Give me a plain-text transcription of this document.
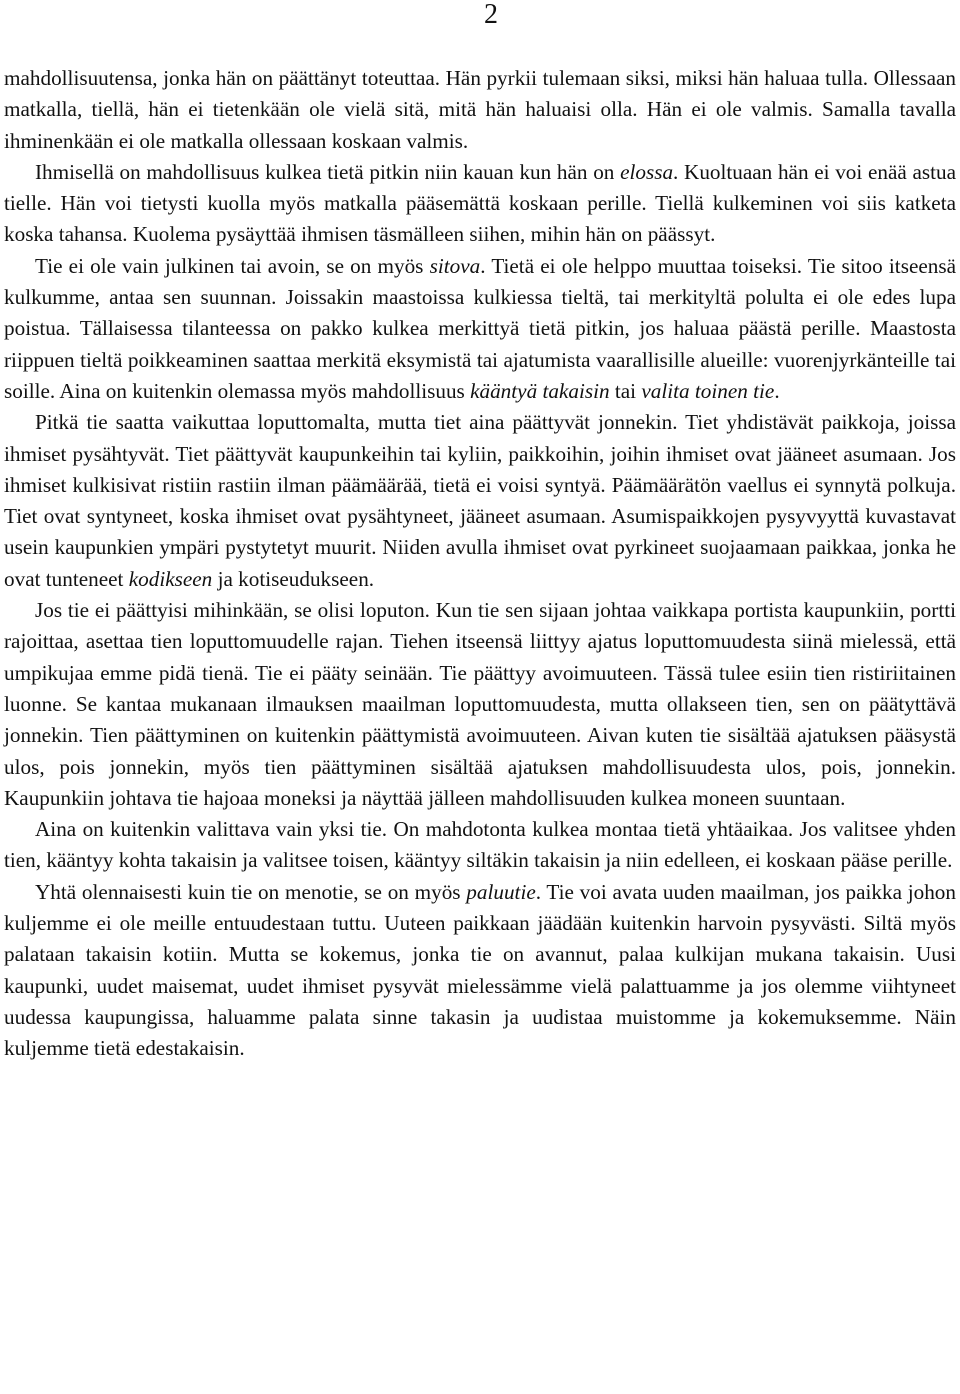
2

mahdollisuutensa, jonka hän on päättänyt toteuttaa. Hän pyrkii tulemaan siksi, miksi hän haluaa tulla. Ollessaan matkalla, tiellä, hän ei tietenkään ole vielä sitä, mitä hän haluaisi olla. Hän ei ole valmis. Samalla tavalla ihminenkään ei ole matkalla ollessaan koskaan valmis.

Ihmisellä on mahdollisuus kulkea tietä pitkin niin kauan kun hän on elossa. Kuoltuaan hän ei voi enää astua tielle. Hän voi tietysti kuolla myös matkalla pääsemättä koskaan perille. Tiellä kulkeminen voi siis katketa koska tahansa. Kuolema pysäyttää ihmisen täsmälleen siihen, mihin hän on päässyt.

Tie ei ole vain julkinen tai avoin, se on myös sitova. Tietä ei ole helppo muuttaa toiseksi. Tie sitoo itseensä kulkumme, antaa sen suunnan. Joissakin maastoissa kulkiessa tieltä, tai merkityltä polulta ei ole edes lupa poistua. Tällaisessa tilanteessa on pakko kulkea merkittyä tietä pitkin, jos haluaa päästä perille. Maastosta riippuen tieltä poikkeaminen saattaa merkitä eksymistä tai ajatumista vaarallisille alueille: vuorenjyrkänteille tai soille. Aina on kuitenkin olemassa myös mahdollisuus kääntyä takaisin tai valita toinen tie.

Pitkä tie saatta vaikuttaa loputtomalta, mutta tiet aina päättyvät jonnekin. Tiet yhdistävät paikkoja, joissa ihmiset pysähtyvät. Tiet päättyvät kaupunkeihin tai kyliin, paikkoihin, joihin ihmiset ovat jääneet asumaan. Jos ihmiset kulkisivat ristiin rastiin ilman päämäärää, tietä ei voisi syntyä. Päämäärätön vaellus ei synnytä polkuja. Tiet ovat syntyneet, koska ihmiset ovat pysähtyneet, jääneet asumaan. Asumispaikkojen pysyvyyttä kuvastavat usein kaupunkien ympäri pystytetyt muurit. Niiden avulla ihmiset ovat pyrkineet suojaamaan paikkaa, jonka he ovat tunteneet kodikseen ja kotiseudukseen.

Jos tie ei päättyisi mihinkään, se olisi loputon. Kun tie sen sijaan johtaa vaikkapa portista kaupunkiin, portti rajoittaa, asettaa tien loputtomuudelle rajan. Tiehen itseensä liittyy ajatus loputtomuudesta siinä mielessä, että umpikujaa emme pidä tienä. Tie ei pääty seinään. Tie päättyy avoimuuteen. Tässä tulee esiin tien ristiriitainen luonne. Se kantaa mukanaan ilmauksen maailman loputtomuudesta, mutta ollakseen tien, sen on päätyttävä jonnekin. Tien päättyminen on kuitenkin päättymistä avoimuuteen. Aivan kuten tie sisältää ajatuksen pääsystä ulos, pois jonnekin, myös tien päättyminen sisältää ajatuksen mahdollisuudesta ulos, pois, jonnekin. Kaupunkiin johtava tie hajoaa moneksi ja näyttää jälleen mahdollisuuden kulkea moneen suuntaan.

Aina on kuitenkin valittava vain yksi tie. On mahdotonta kulkea montaa tietä yhtäaikaa. Jos valitsee yhden tien, kääntyy kohta takaisin ja valitsee toisen, kääntyy siltäkin takaisin ja niin edelleen, ei koskaan pääse perille.

Yhtä olennaisesti kuin tie on menotie, se on myös paluutie. Tie voi avata uuden maailman, jos paikka johon kuljemme ei ole meille entuudestaan tuttu. Uuteen paikkaan jäädään kuitenkin harvoin pysyvästi. Siltä myös palataan takaisin kotiin. Mutta se kokemus, jonka tie on avannut, palaa kulkijan mukana takaisin. Uusi kaupunki, uudet maisemat, uudet ihmiset pysyvät mielessämme vielä palattuamme ja jos olemme viihtyneet uudessa kaupungissa, haluamme palata sinne takasin ja uudistaa muistomme ja kokemuksemme. Näin kuljemme tietä edestakaisin.
